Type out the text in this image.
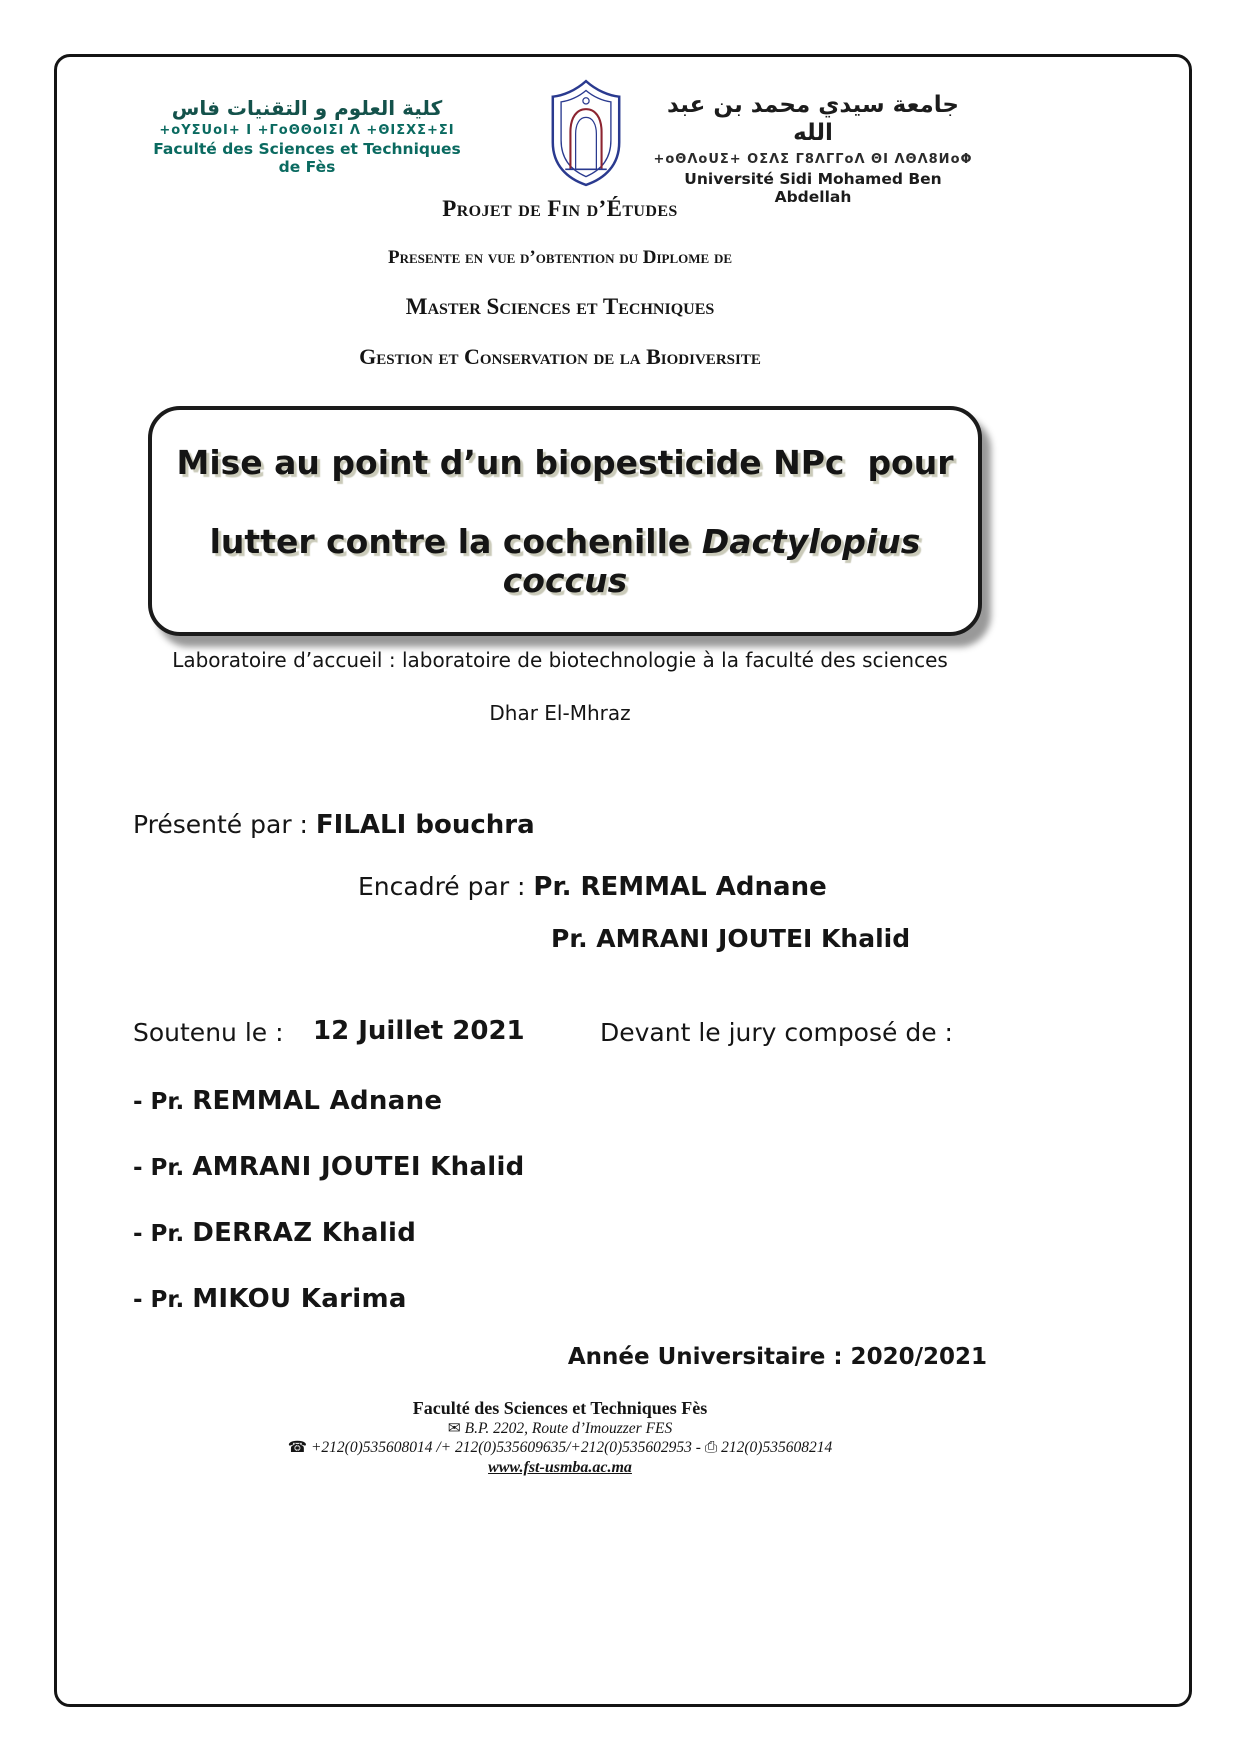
كلية العلوم و التقنيات فاس
+oYΣUoI+ I +ΓoΘΘoIΣI Λ +ΘΙΣΧΣ+ΣΙ
Faculté des Sciences et Techniques de Fès
جامعة سيدي محمد بن عبد الله
+oΘΛoUΣ+ OΣΛΣ Γ8ΛΓΓoΛ ΘΙ ΛΘΛ8ИoΦ
Université Sidi Mohamed Ben Abdellah
Projet de Fin d’Études
Presente en vue d’obtention du Diplome de
Master Sciences et Techniques
Gestion et Conservation de la Biodiversite
Mise au point d’un biopesticide NPc  pour
lutter contre la cochenille Dactylopius coccus
Laboratoire d’accueil : laboratoire de biotechnologie à la faculté des sciences
Dhar El-Mhraz
Présenté par : FILALI bouchra
Encadré par : Pr. REMMAL Adnane
Pr. AMRANI JOUTEI Khalid
Soutenu le : 12 Juillet 2021	Devant le jury composé de :
- Pr. REMMAL Adnane
- Pr. AMRANI JOUTEI Khalid
- Pr. DERRAZ Khalid
- Pr. MIKOU Karima
Année Universitaire : 2020/2021
Faculté des Sciences et Techniques Fès
✉ B.P. 2202, Route d’Imouzzer FES
☎ +212(0)535608014 /+ 212(0)535609635/+212(0)535602953 - ⎙ 212(0)535608214
www.fst-usmba.ac.ma
